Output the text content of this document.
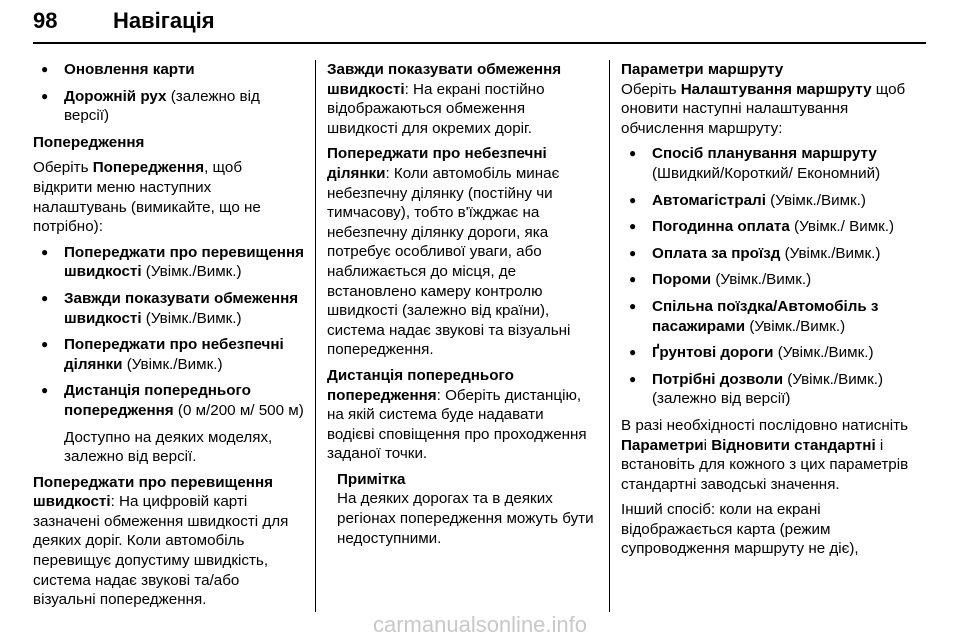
98	Навігація
● Оновлення карти
● Дорожній рух (залежно від версії)

Попередження

Оберіть Попередження, щоб відкрити меню наступних налаштувань (вимикайте, що не потрібно):

● Попереджати про перевищення швидкості (Увімк./Вимк.)
● Завжди показувати обмеження швидкості (Увімк./Вимк.)
● Попереджати про небезпечні ділянки (Увімк./Вимк.)
● Дистанція попереднього попередження (0 м/200 м/ 500 м)

Доступно на деяких моделях, залежно від версії.

Попереджати про перевищення швидкості: На цифровій карті зазначені обмеження швидкості для деяких доріг. Коли автомобіль перевищує допустиму швидкість, система надає звукові та/або візуальні попередження.

Завжди показувати обмеження швидкості: На екрані постійно відображаються обмеження швидкості для окремих доріг.

Попереджати про небезпечні ділянки: Коли автомобіль минає небезпечну ділянку (постійну чи тимчасову), тобто в'їжджає на небезпечну ділянку дороги, яка потребує особливої уваги, або наближається до місця, де встановлено камеру контролю швидкості (залежно від країни), система надає звукові та візуальні попередження.

Дистанція попереднього попередження: Оберіть дистанцію, на якій система буде надавати водієві сповіщення про проходження заданої точки.

Примітка
На деяких дорогах та в деяких регіонах попередження можуть бути недоступними.
Параметри маршруту

Оберіть Налаштування маршруту щоб оновити наступні налаштування обчислення маршруту:

● Спосіб планування маршруту (Швидкий/Короткий/ Економний)
● Автомагістралі (Увімк./Вимк.)
● Погодинна оплата (Увімк./ Вимк.)
● Оплата за проїзд (Увімк./Вимк.)
● Пороми (Увімк./Вимк.)
● Спільна поїздка/Автомобіль з пасажирами (Увімк./Вимк.)
● Ґрунтові дороги (Увімк./Вимк.)
● Потрібні дозволи (Увімк./Вимк.) (залежно від версії)

В разі необхідності послідовно натисніть Параметриі Відновити стандартні і встановіть для кожного з цих параметрів стандартні заводські значення.

Інший спосіб: коли на екрані відображається карта (режим супроводження маршруту не діє),

carmanualsonline.info
